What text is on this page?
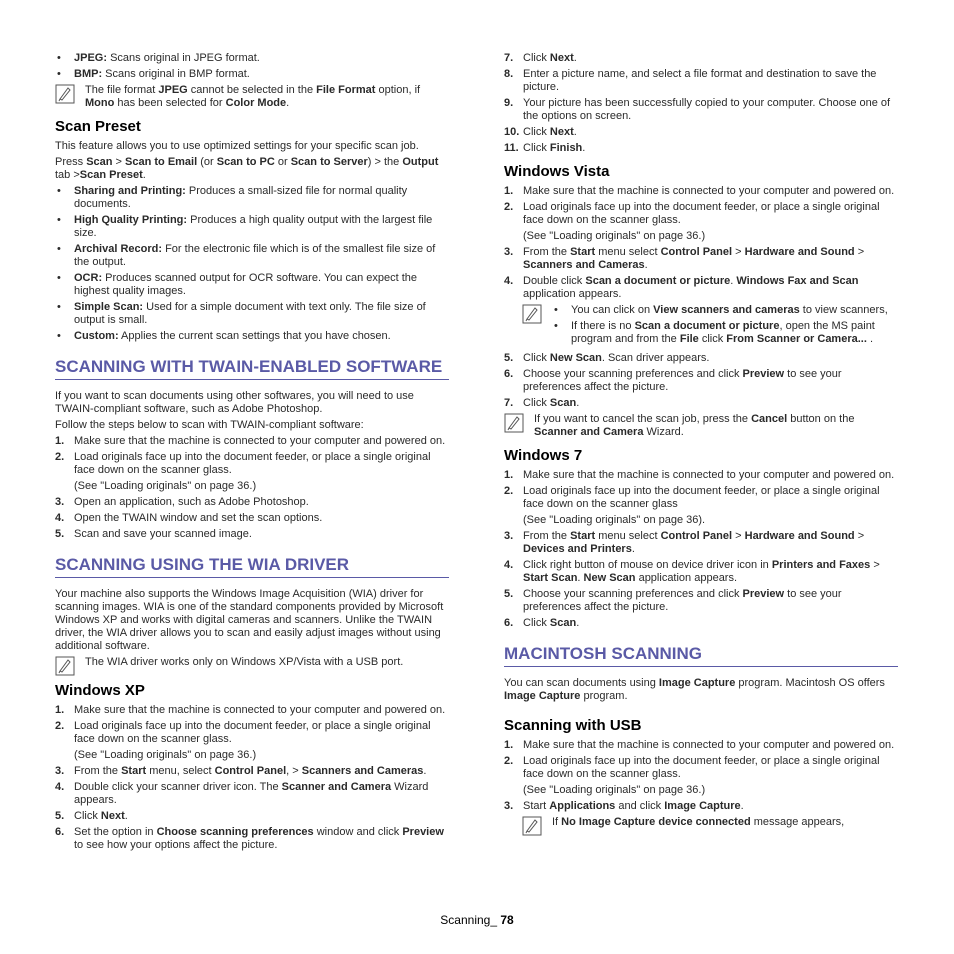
• JPEG: Scans original in JPEG format.
• BMP: Scans original in BMP format.
The file format JPEG cannot be selected in the File Format option, if Mono has been selected for Color Mode.
Scan Preset

This feature allows you to use optimized settings for your specific scan job.

Press Scan > Scan to Email (or Scan to PC or Scan to Server) > the Output tab >Scan Preset.

• Sharing and Printing: Produces a small-sized file for normal quality documents.
• High Quality Printing: Produces a high quality output with the largest file size.
• Archival Record: For the electronic file which is of the smallest file size of the output.
• OCR: Produces scanned output for OCR software. You can expect the highest quality images.
• Simple Scan: Used for a simple document with text only. The file size of output is small.
• Custom: Applies the current scan settings that you have chosen.
SCANNING WITH TWAIN-ENABLED SOFTWARE

If you want to scan documents using other softwares, you will need to use TWAIN-compliant software, such as Adobe Photoshop.

Follow the steps below to scan with TWAIN-compliant software:

1. Make sure that the machine is connected to your computer and powered on.
2. Load originals face up into the document feeder, or place a single original face down on the scanner glass.
(See "Loading originals" on page 36.)
3. Open an application, such as Adobe Photoshop.
4. Open the TWAIN window and set the scan options.
5. Scan and save your scanned image.
SCANNING USING THE WIA DRIVER

Your machine also supports the Windows Image Acquisition (WIA) driver for scanning images. WIA is one of the standard components provided by Microsoft Windows XP and works with digital cameras and scanners. Unlike the TWAIN driver, the WIA driver allows you to scan and easily adjust images without using additional software.

The WIA driver works only on Windows XP/Vista with a USB port.
Windows XP
1. Make sure that the machine is connected to your computer and powered on.
2. Load originals face up into the document feeder, or place a single original face down on the scanner glass.
(See "Loading originals" on page 36.)
3. From the Start menu, select Control Panel, > Scanners and Cameras.
4. Double click your scanner driver icon. The Scanner and Camera Wizard appears.
5. Click Next.
6. Set the option in Choose scanning preferences window and click Preview to see how your options affect the picture.
7. Click Next.
8. Enter a picture name, and select a file format and destination to save the picture.
9. Your picture has been successfully copied to your computer. Choose one of the options on screen.
10. Click Next.
11. Click Finish.
Windows Vista
1. Make sure that the machine is connected to your computer and powered on.
2. Load originals face up into the document feeder, or place a single original face down on the scanner glass.
(See "Loading originals" on page 36.)
3. From the Start menu select Control Panel > Hardware and Sound > Scanners and Cameras.
4. Double click Scan a document or picture. Windows Fax and Scan application appears.
• You can click on View scanners and cameras to view scanners,
• If there is no Scan a document or picture, open the MS paint program and from the File click From Scanner or Camera... .
5. Click New Scan. Scan driver appears.
6. Choose your scanning preferences and click Preview to see your preferences affect the picture.
7. Click Scan.
If you want to cancel the scan job, press the Cancel button on the Scanner and Camera Wizard.
Windows 7
1. Make sure that the machine is connected to your computer and powered on.
2. Load originals face up into the document feeder, or place a single original face down on the scanner glass
(See "Loading originals" on page 36).
3. From the Start menu select Control Panel > Hardware and Sound > Devices and Printers.
4. Click right button of mouse on device driver icon in Printers and Faxes > Start Scan. New Scan application appears.
5. Choose your scanning preferences and click Preview to see your preferences affect the picture.
6. Click Scan.
MACINTOSH SCANNING

You can scan documents using Image Capture program. Macintosh OS offers Image Capture program.

Scanning with USB
1. Make sure that the machine is connected to your computer and powered on.
2. Load originals face up into the document feeder, or place a single original face down on the scanner glass.
(See "Loading originals" on page 36.)
3. Start Applications and click Image Capture.
If No Image Capture device connected message appears,
Scanning_ 78
